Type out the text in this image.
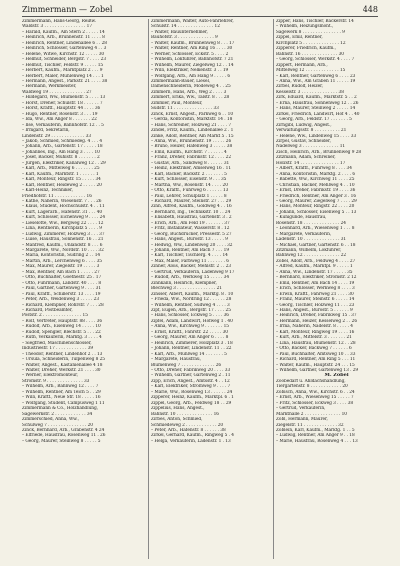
Zimmermann — Zobel	448
Zimmermann, Hans-Georg, Reißw.
Waldstr. 3 . . . . . . . . . . . . . . . . 17
– Harald, Kaufm., Am Stern 2 . . . . . 14
– Heinrich, Arb., Brunnenstr. 11 . . . . 8
– Heinrich, Rentner, Lindenallee 6 . . 28
– Heinrich, Schlosser, Gartenweg 4 . . 3
– Helene, Witwe, Kirchstr. 12 . . . . . 30
– Helmut, Schneider, Bergstr. 7 . . . . 23
– Helmut, Tischler, Feldstr. 9 . . . . . 15
– Herbert, Kaufm., Marktplatz 2 . . . 9
– Herbert, Maler, Mühlenweg 14 . . . 1
– Hermann, Angest., Parkstr. 21 . . . . 38
– Hermann, Werkmeister,
Waldweg 19 . . . . . . . . . . . . . . 27
– Hildegard, Ww., Blumenstr. 5 . . . . 13
– Horst, Dreher, Schulstr. 18 . . . . . . 7
– Horst, Kraftf., Hauptstr. 44 . . . . 36
– Hugo, Rentner, Rosenstr. 3 . . . 19
– Ida, Ww., Am Anger 8 . . . . . . . 22
– Ilse, Verkäuferin, Bahnhofstr. 12 . . 5
– Irmgard, Sekretärin,
Lindenstr. 29 . . . . . . . . . . . . . 33
– Jakob, Schmied, Schmiedeg. 4 . . . 4
– Johann, Arb., Gartenstr. 17 . . . . . 18
– Johannes, Ing., Am Hang 3 . . . . 10
– Josef, Bäcker, Mühlstr. 8 . . . . . . . 2
– Jürgen, Elektriker, Kanalweg 12 . . 29
– Karl, Arb., Mittelweg 6 . . . . . . . 25
– Karl, Kaufm., Marktstr. 1 . . . . . . 1
– Karl, Monteur, Ringstr. 15 . . . . . 34
– Karl, Rentner, Heideweg 2 . . . . . 20
– Karl-Heinz, Techniker,
Friedhofstr. 11 . . . . . . . . . . . . 16
– Käthe, Näherin, Wiesenstr. 7 . . . 26
– Klaus, Student, Hochschulstr. 4 . . 11
– Kurt, Lagerarb., Hafenstr. 31 . . . 40
– Kurt, Schlosser, Eichenweg 9 . . . . 24
– Lieselotte, Ww., Bergweg 22 . . . . 12
– Lina, Rentnerin, Kirchplatz 5 . . . . 9
– Ludwig, Zimmerer, Holzweg 3 . . . 37
– Luise, Hausfrau, Sonnenstr. 16 . . 21
– Manfred, Kaufm., Uhlandstr. 8 . . . 6
– Margarete, Ww., Nordstr. 10 . . . . 32
– Maria, Kontoristin, Südring 2 . . 14
– Martin, Arb., Lerchenweg 6 . . . . 35
– Max, Maurer, Ziegelstr. 19 . . . . . 3
– Max, Rentner, Am Bach 1 . . . . . 27
– Otto, Buchhalter, Goethestr. 25 . 17
– Otto, Fuhrmann, Landstr. 40 . . . . 8
– Paul, Gärtner, Gartenweg 9 . . . . 31
– Paul, Kraftf., Schillerstr. 13 . . . . 19
– Peter, Arb., Weidenweg 3 . . . . . 23
– Richard, Klempner, Rohrstr. 7 . . . 28
– Richard, Postbeamter,
Poststr. 2 . . . . . . . . . . . . . . . 15
– Rolf, Vertreter, Hauptstr. 88 . . . . 36
– Rudolf, Arb., Eisenweg 14 . . . . . 10
– Rudolf, Spengler, Blechstr. 5 . . . 22
– Ruth, Verkäuferin, Marktg. 3 . . . . 4
– Siegfried, Maschinenschlosser,
Industriestr. 17 . . . . . . . . . . . . 39
– Theodor, Rentner, Lindenhof 2 . . 13
– Ursula, Schneiderin, Tulpenweg 8 25
– Walter, Angest., Kastanienallee 4 18
– Walter, Dreher, Werkstr. 21 . . . . 30
– Werner, Elektromonteur,
Stromstr. 9 . . . . . . . . . . . . . . 33
– Wilhelm, Arb., Bahnweg 12 . . . . 7
– Wilhelm, Rentner, Am Teich 5 . . 29
– Willi, Kraftf., Neue Str. 18 . . . . . 16
– Wolfgang, Student, Campusweg 1 11
Zimmermann & Co., Holzhandlung,
Sägewerkstr. 2 . . . . . . . . . . . . 34
Zimmerschied, Anna, Ww.,
Schulweg 7 . . . . . . . . . . . . . . . 20
Zinck, Bernhard, Arb., Grabenstr. 4 24
– Elfriede, Hausfrau, Rosenweg 11 . 26
– Georg, Maurer, Steinweg 8 . . . . . 5
Zimmermann, Walter, Auto-Fahrlehrer,
Schulstr. 14 . . . . . . . . . . . . . . 12
– Walter, Bauunternehmer,
Bauhofstr. 3 . . . . . . . . . . . . . . 9
– Walter, Kaufm., Brunnenweg 8 . . . 17
– Walter, Rentner, Am Ring 16 . . . . 30
– Werner, Schlosser, Eckstr. 5 . . . . 2
– Wilhelm, Lokführer, Bahnhofstr. 7 21
– Wilhelm, Maurer, Ziegelweg 12 . . 14
– Willi, Elektriker, Nelkenstr. 3 . . 19
– Wolfgang, Arb., Am Hang 9 . . . . . 6
Zimmermann-Bauer, Liesel,
Damenschneiderin, Modeweg 4 . . 25
Zimmern, Hans, Arb., Weg 2 . . . . 3
Zimmert, Erika, Ww., Talstr. 8 . . . 28
Zimmler, Paul, Monteur,
Südstr. 11 . . . . . . . . . . . . . . . 33
Zinck, Ernst, Angest., Parkweg 6 . . 10
– Gerda, Kontoristin, Marktstr. 14 . 18
– Hans, Schreiner, Holzweg 21 . . . . 7
Zindel, Fritz, Kaufm., Lindenallee 2 . 1
Zinke, Adolf, Rentner, Am Markt 5 . 15
– Anna, Ww., Brunnenstr. 19 . . . . . 26
– Bruno, Heizer, Hafenweg 3 . . . . . 38
– Emil, Kaufm., Kirchstr. 7 . . . . . . 4
– Franz, Dreher, Fabrikstr. 12 . . . . 22
– Gustav, Arb., Sandweg 8 . . . . . . 31
– Heinz, Elektriker, Amselweg 16 . 11
– Karl, Bäcker, Backstr. 2 . . . . . . . 5
– Kurt, Schlosser, Eisenstr. 9 . . . 35
– Martha, Ww., Rosenstr. 14 . . . . 20
– Otto, Kraftf., Fuhrweg 6 . . . . . . 13
– Paul, Lehrer, Schulplatz 1 . . . . . 8
– Richard, Maurer, Steinstr. 27 . . . 29
Zinn, Alfred, Kaufm., Goldweg 4 . . 16
– Bernhard, Ing., Technikstr. 10 . . 24
– Elisabeth, Hausfrau, Gartenstr. 3 . 2
– Erich, Arb., Am Feld 19 . . . . . . . 37
– Fritz, Installateur, Wasserstr. 8 . 12
– Georg, Buchdrucker, Pressestr. 5 27
– Hans, Angest., Bürostr. 13 . . . . . 9
– Hedwig, Ww., Lindenweg 20 . . . . 32
– Johann, Rentner, Am Bach 7 . . . 19
– Karl, Tischler, Tischlerg. 4 . . . . 14
– Max, Maler, Farbweg 11 . . . . . . . 6
Zinner, Alois, Bäcker, Mehlstr. 2 . . 23
– Gertrud, Verkäuferin, Ladenweg 9 17
– Rudolf, Arb., Werkweg 15 . . . . . 34
Zinnkann, Heinrich, Klempner,
Blechweg 3 . . . . . . . . . . . . . . . 21
Zinsser, Albert, Kaufm., Marktg. 8 . 10
– Frieda, Ww., Nordring 12 . . . . . . 28
– Wilhelm, Rentner, Südweg 4 . . . . 3
Zipf, Eugen, Arb., Bergstr. 17 . . . . 25
– Hans, Schlosser, Eckweg 5 . . . . 36
Zipfel, Adam, Landwirt, Hofweg 1 . 40
– Anna, Ww., Kirchweg 9 . . . . . . . 15
– Ernst, Kraftf., Fahrstr. 22 . . . . . 30
– Georg, Maurer, Am Anger 6 . . . . 8
– Heinrich, Zimmerer, Holzplatz 3 . 18
– Johann, Rentner, Lindenstr. 11 . . 22
– Karl, Arb., Mühlweg 14 . . . . . . . 5
– Margarete, Hausfrau,
Blumenweg 7 . . . . . . . . . . . . . 26
– Otto, Dreher, Fabrikweg 20 . . . . 33
– Wilhelm, Gärtner, Gartenweg 2 . 11
Zipp, Erich, Angest., Amtsstr. 4 . . 12
– Karl, Elektriker, Stromweg 9 . . . . 7
– Marie, Ww., Rosenweg 13 . . . . . . 24
Zipperer, Heinz, Kaufm., Marktpl. 6 . 1
Zippel, Georg, Arb., Feldweg 18 . . 29
Zippelius, Hans, Angest.,
Bahnstr. 10 . . . . . . . . . . . . . . 16
Zirbes, Anton, Schmied,
Schmiedeweg 2 . . . . . . . . . . . . 20
– Peter, Arb., Hafenstr. 8 . . . . . . 38
Zirkel, Gerhard, Kaufm., Ringweg 5 . 4
– Helga, Verkäuferin, Ladenstr. 1 . 13
Zipper, Hans, Tischler, Bäckerstr. 14
– Wilhelm, Heizungsmont.,
Sägewerk 8 . . . . . . . . . . . . . . . 9
Zippel, Emil, Rentner,
Kirchplatz 5 . . . . . . . . . . . . . . 12
Zipperer, Friedrich, Kaufm.,
Bahnstr. 16 . . . . . . . . . . . . . . 30
– Georg, Schlosser, Werkstr. 4 . . . . 7
Zippert, Hermann, Arb.,
Mittelweg 12 . . . . . . . . . . . . . 15
– Karl, Rentner, Gartenweg 6 . . . . 23
– Anna, Ww., Am Graben 11 . . . . . 19
Zirbel, Rudolf, Heizer,
Kesselstr. 3 . . . . . . . . . . . . . . 38
Zirk, Eduard, Kaufm., Marktstr. 5 . . 2
– Erna, Hausfrau, Sonnenweg 12 . . 26
– Hans, Maurer, Steinweg 2 . . . . . 14
Zirkel, Friedrich, Landwirt, Hof 4 . . 40
– Georg, Arb., Feldstr. 17 . . . . . . . 5
Zirngibl, Ludwig, Angest.,
Verwaltungsstr. 8 . . . . . . . . . . 21
– Helene, Ww., Lindenweg 15 . . . . 33
Zirpel, Gustav, Schneider,
Nadelweg 3 . . . . . . . . . . . . . . 11
Zisch, Heinrich, Arb., Brunnenweg 9 28
Zitzmann, Adam, Schreiner,
Holzstr. 14 . . . . . . . . . . . . . . . 17
– Albert, Kraftf., Fuhrweg 8 . . . . 34
– Anna, Kontoristin, Marktg. 2 . . . . 6
– Babette, Ww., Kirchweg 11 . . . . 25
– Christian, Bäcker, Mehlweg 4 . . 10
– Ernst, Dreher, Fabrikstr. 19 . . . . 36
– Friedrich, Rentner, Am Anger 3 . 16
– Georg, Maurer, Ziegelweg 7 . . . . 29
– Hans, Monteur, Ringstr. 22 . . . . 20
– Johann, Schlosser, Eisenweg 5 . . 13
– Kunigunde, Hausfrau,
Rosenstr. 18 . . . . . . . . . . . . . . 24
– Leonhard, Arb., Wiesenweg 1 . . . 8
– Margarete, Verkäuferin,
Ladenstr. 10 . . . . . . . . . . . . . . 31
– Michael, Gärtner, Gartenstr. 6 . . 18
Zitzmann, Wilhelm, Lokführer,
Bahnweg 12 . . . . . . . . . . . . . . 22
Zobel, Adolf, Arb., Feldweg 4 . . . . 27
– Alfred, Kaufm., Marktpl. 9 . . . . . 1
– Anna, Ww., Lindenstr. 17 . . . . . 35
– Bernhard, Elektriker, Stromstr. 2 12
– Emil, Rentner, Am Bach 14 . . . . 19
– Erich, Schlosser, Werkweg 8 . . . . 3
– Erwin, Kraftf., Fahrweg 21 . . . . 30
– Franz, Maurer, Steinstr. 6 . . . . . 14
– Georg, Tischler, Holzweg 11 . . . 23
– Hans, Angest., Bürostr. 5 . . . . . . 9
– Heinrich, Dreher, Fabrikweg 15 . 37
– Hermann, Heizer, Kesselweg 2 . . 26
– Irma, Näherin, Nadelstr. 8 . . . . . 4
– Karl, Monteur, Ringweg 19 . . . . 16
– Kurt, Arb., Mittelstr. 3 . . . . . . . 21
– Lina, Hausfrau, Blumenstr. 12 . . 28
– Otto, Bäcker, Backweg 7 . . . . . . 6
– Paul, Buchhalter, Amtsweg 10 . . 33
– Richard, Rentner, Am Ring 5 . . . 11
– Walter, Kaufm., Hauptstr. 24 . . . 15
– Wilhelm, Gärtner, Gartenweg 13 . 29
M. Zobel
Zoobedarf u. Ahldachshandlung,
Tiergartenstr. 8 . . . . . . . . . . . . 20
Zöbisch, Anna, Ww., Kirchstr. 6 . . 24
– Ernst, Arb., Wiesenweg 15 . . . . . 7
– Fritz, Schlosser, Eckweg 3 . . . . 38
– Gertrud, Verkäuferin,
Markthalle 2 . . . . . . . . . . . . . . 10
Zöbl, Hermann, Maurer,
Ziegelstr. 11 . . . . . . . . . . . . . 32
Zöblein, Karl, Kaufm., Marktg. 1 . . 5
– Ludwig, Rentner, Am Anger 9 . . 18
– Marie, Hausfrau, Rosenweg 4 . . . 13
